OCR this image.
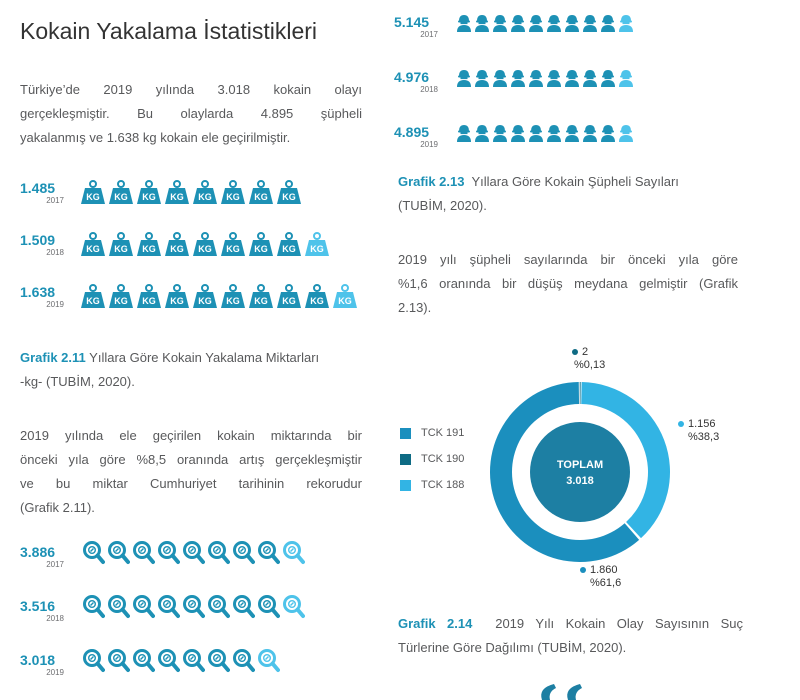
Kokain Yakalama İstatistikleri
Türkiye’de 2019 yılında 3.018 kokain olayı
gerçekleşmiştir. Bu olaylarda 4.895 şüpheli
yakalanmış ve 1.638 kg kokain ele geçirilmiştir.
1.485
2017 KG KG KG KG KG KG KG KG
1.509
2018 KG KG KG KG KG KG KG KG KG
1.638
2019 KG KG KG KG KG KG KG KG KG KG
Grafik 2.11 Yıllara Göre Kokain Yakalama Miktarları
-kg- (TUBİM, 2020).
2019 yılında ele geçirilen kokain miktarında bir
önceki yıla göre %8,5 oranında artış gerçekleşmiştir
ve bu miktar Cumhuriyet tarihinin rekorudur
(Grafik 2.11).
3.886
2017
3.516
2018
3.018
2019
5.145
2017
4.976
2018
4.895
2019
Grafik 2.13 Yıllara Göre Kokain Şüpheli Sayıları
(TUBİM, 2020).
2019 yılı şüpheli sayılarında bir önceki yıla göre
%1,6 oranında bir düşüş meydana gelmiştir (Grafik
2.13).
TOPLAM
3.018
TCK 191
TCK 190
TCK 188
2
%0,13
1.156
%38,3
1.860
%61,6
Grafik 2.14 2019 Yılı Kokain Olay Sayısının Suç
Türlerine Göre Dağılımı (TUBİM, 2020).
